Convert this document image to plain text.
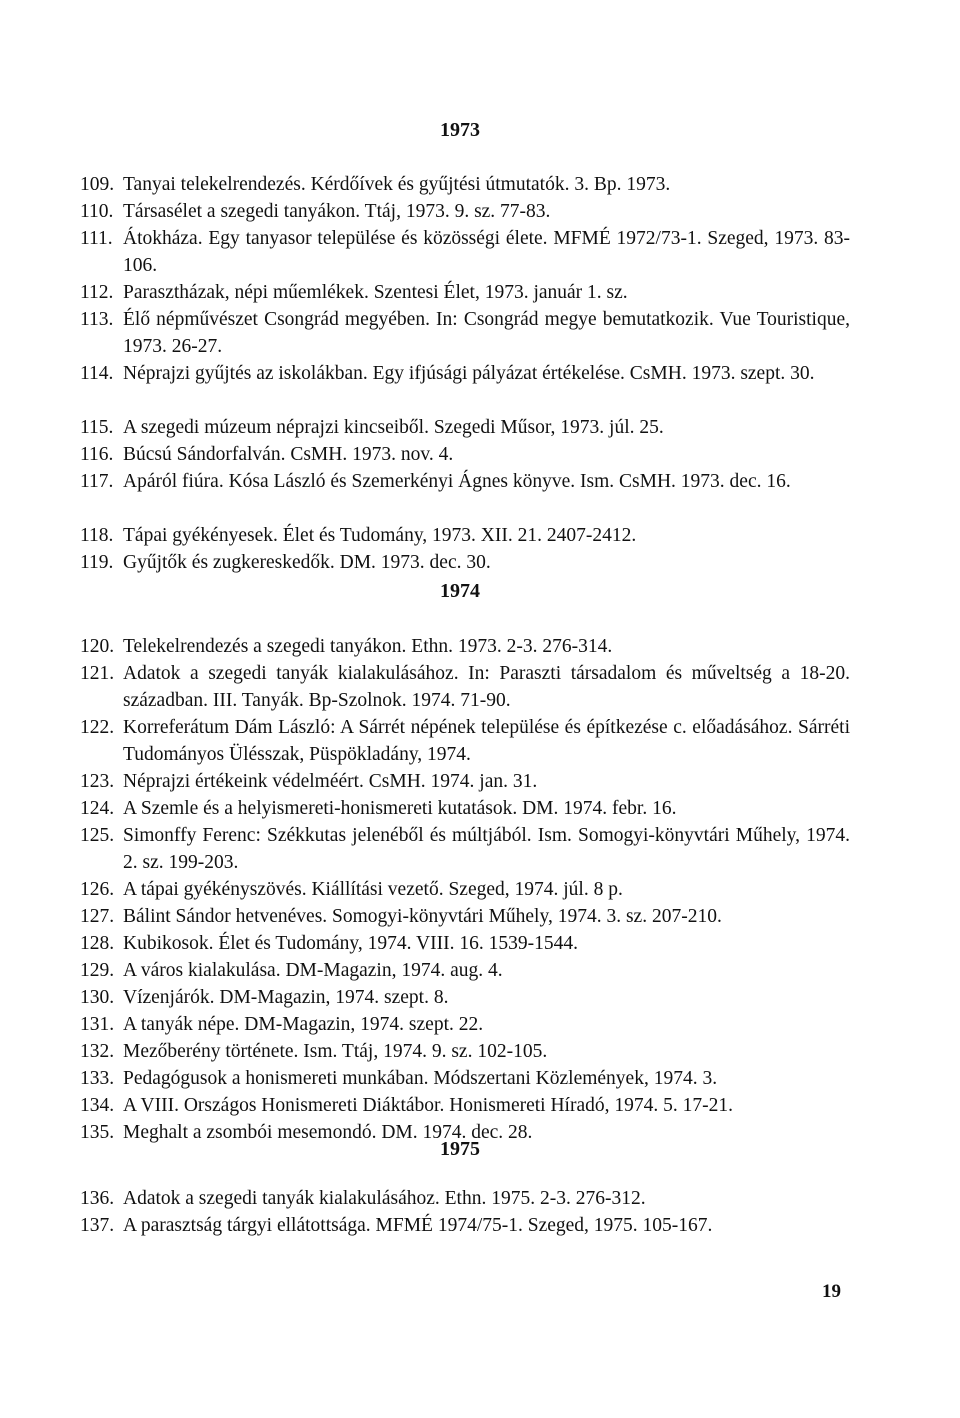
1973
109. Tanyai telekelrendezés. Kérdőívek és gyűjtési útmutatók. 3. Bp. 1973.
110. Társasélet a szegedi tanyákon. Ttáj, 1973. 9. sz. 77-83.
111. Átokháza. Egy tanyasor települése és közösségi élete. MFMÉ 1972/73-1. Szeged, 1973. 83-106.
112. Parasztházak, népi műemlékek. Szentesi Élet, 1973. január 1. sz.
113. Élő népművészet Csongrád megyében. In: Csongrád megye bemutatkozik. Vue Touristique, 1973. 26-27.
114. Néprajzi gyűjtés az iskolákban. Egy ifjúsági pályázat értékelése. CsMH. 1973. szept. 30.
115. A szegedi múzeum néprajzi kincseiből. Szegedi Műsor, 1973. júl. 25.
116. Búcsú Sándorfalván. CsMH. 1973. nov. 4.
117. Apáról fiúra. Kósa László és Szemerkényi Ágnes könyve. Ism. CsMH. 1973. dec. 16.
118. Tápai gyékényesek. Élet és Tudomány, 1973. XII. 21. 2407-2412.
119. Gyűjtők és zugkereskedők. DM. 1973. dec. 30.
1974
120. Telekelrendezés a szegedi tanyákon. Ethn. 1973. 2-3. 276-314.
121. Adatok a szegedi tanyák kialakulásához. In: Paraszti társadalom és műveltség a 18-20. században. III. Tanyák. Bp-Szolnok. 1974. 71-90.
122. Korreferátum Dám László: A Sárrét népének települése és építkezése c. előadásához. Sárréti Tudományos Ülésszak, Püspökladány, 1974.
123. Néprajzi értékeink védelméért. CsMH. 1974. jan. 31.
124. A Szemle és a helyismereti-honismereti kutatások. DM. 1974. febr. 16.
125. Simonffy Ferenc: Székkutas jelenéből és múltjából. Ism. Somogyi-könyvtári Műhely, 1974. 2. sz. 199-203.
126. A tápai gyékényszövés. Kiállítási vezető. Szeged, 1974. júl. 8 p.
127. Bálint Sándor hetvenéves. Somogyi-könyvtári Műhely, 1974. 3. sz. 207-210.
128. Kubikosok. Élet és Tudomány, 1974. VIII. 16. 1539-1544.
129. A város kialakulása. DM-Magazin, 1974. aug. 4.
130. Vízenjárók. DM-Magazin, 1974. szept. 8.
131. A tanyák népe. DM-Magazin, 1974. szept. 22.
132. Mezőberény története. Ism. Ttáj, 1974. 9. sz. 102-105.
133. Pedagógusok a honismereti munkában. Módszertani Közlemények, 1974. 3.
134. A VIII. Országos Honismereti Diáktábor. Honismereti Híradó, 1974. 5. 17-21.
135. Meghalt a zsombói mesemondó. DM. 1974. dec. 28.
1975
136. Adatok a szegedi tanyák kialakulásához. Ethn. 1975. 2-3. 276-312.
137. A parasztság tárgyi ellátottsága. MFMÉ 1974/75-1. Szeged, 1975. 105-167.
19
